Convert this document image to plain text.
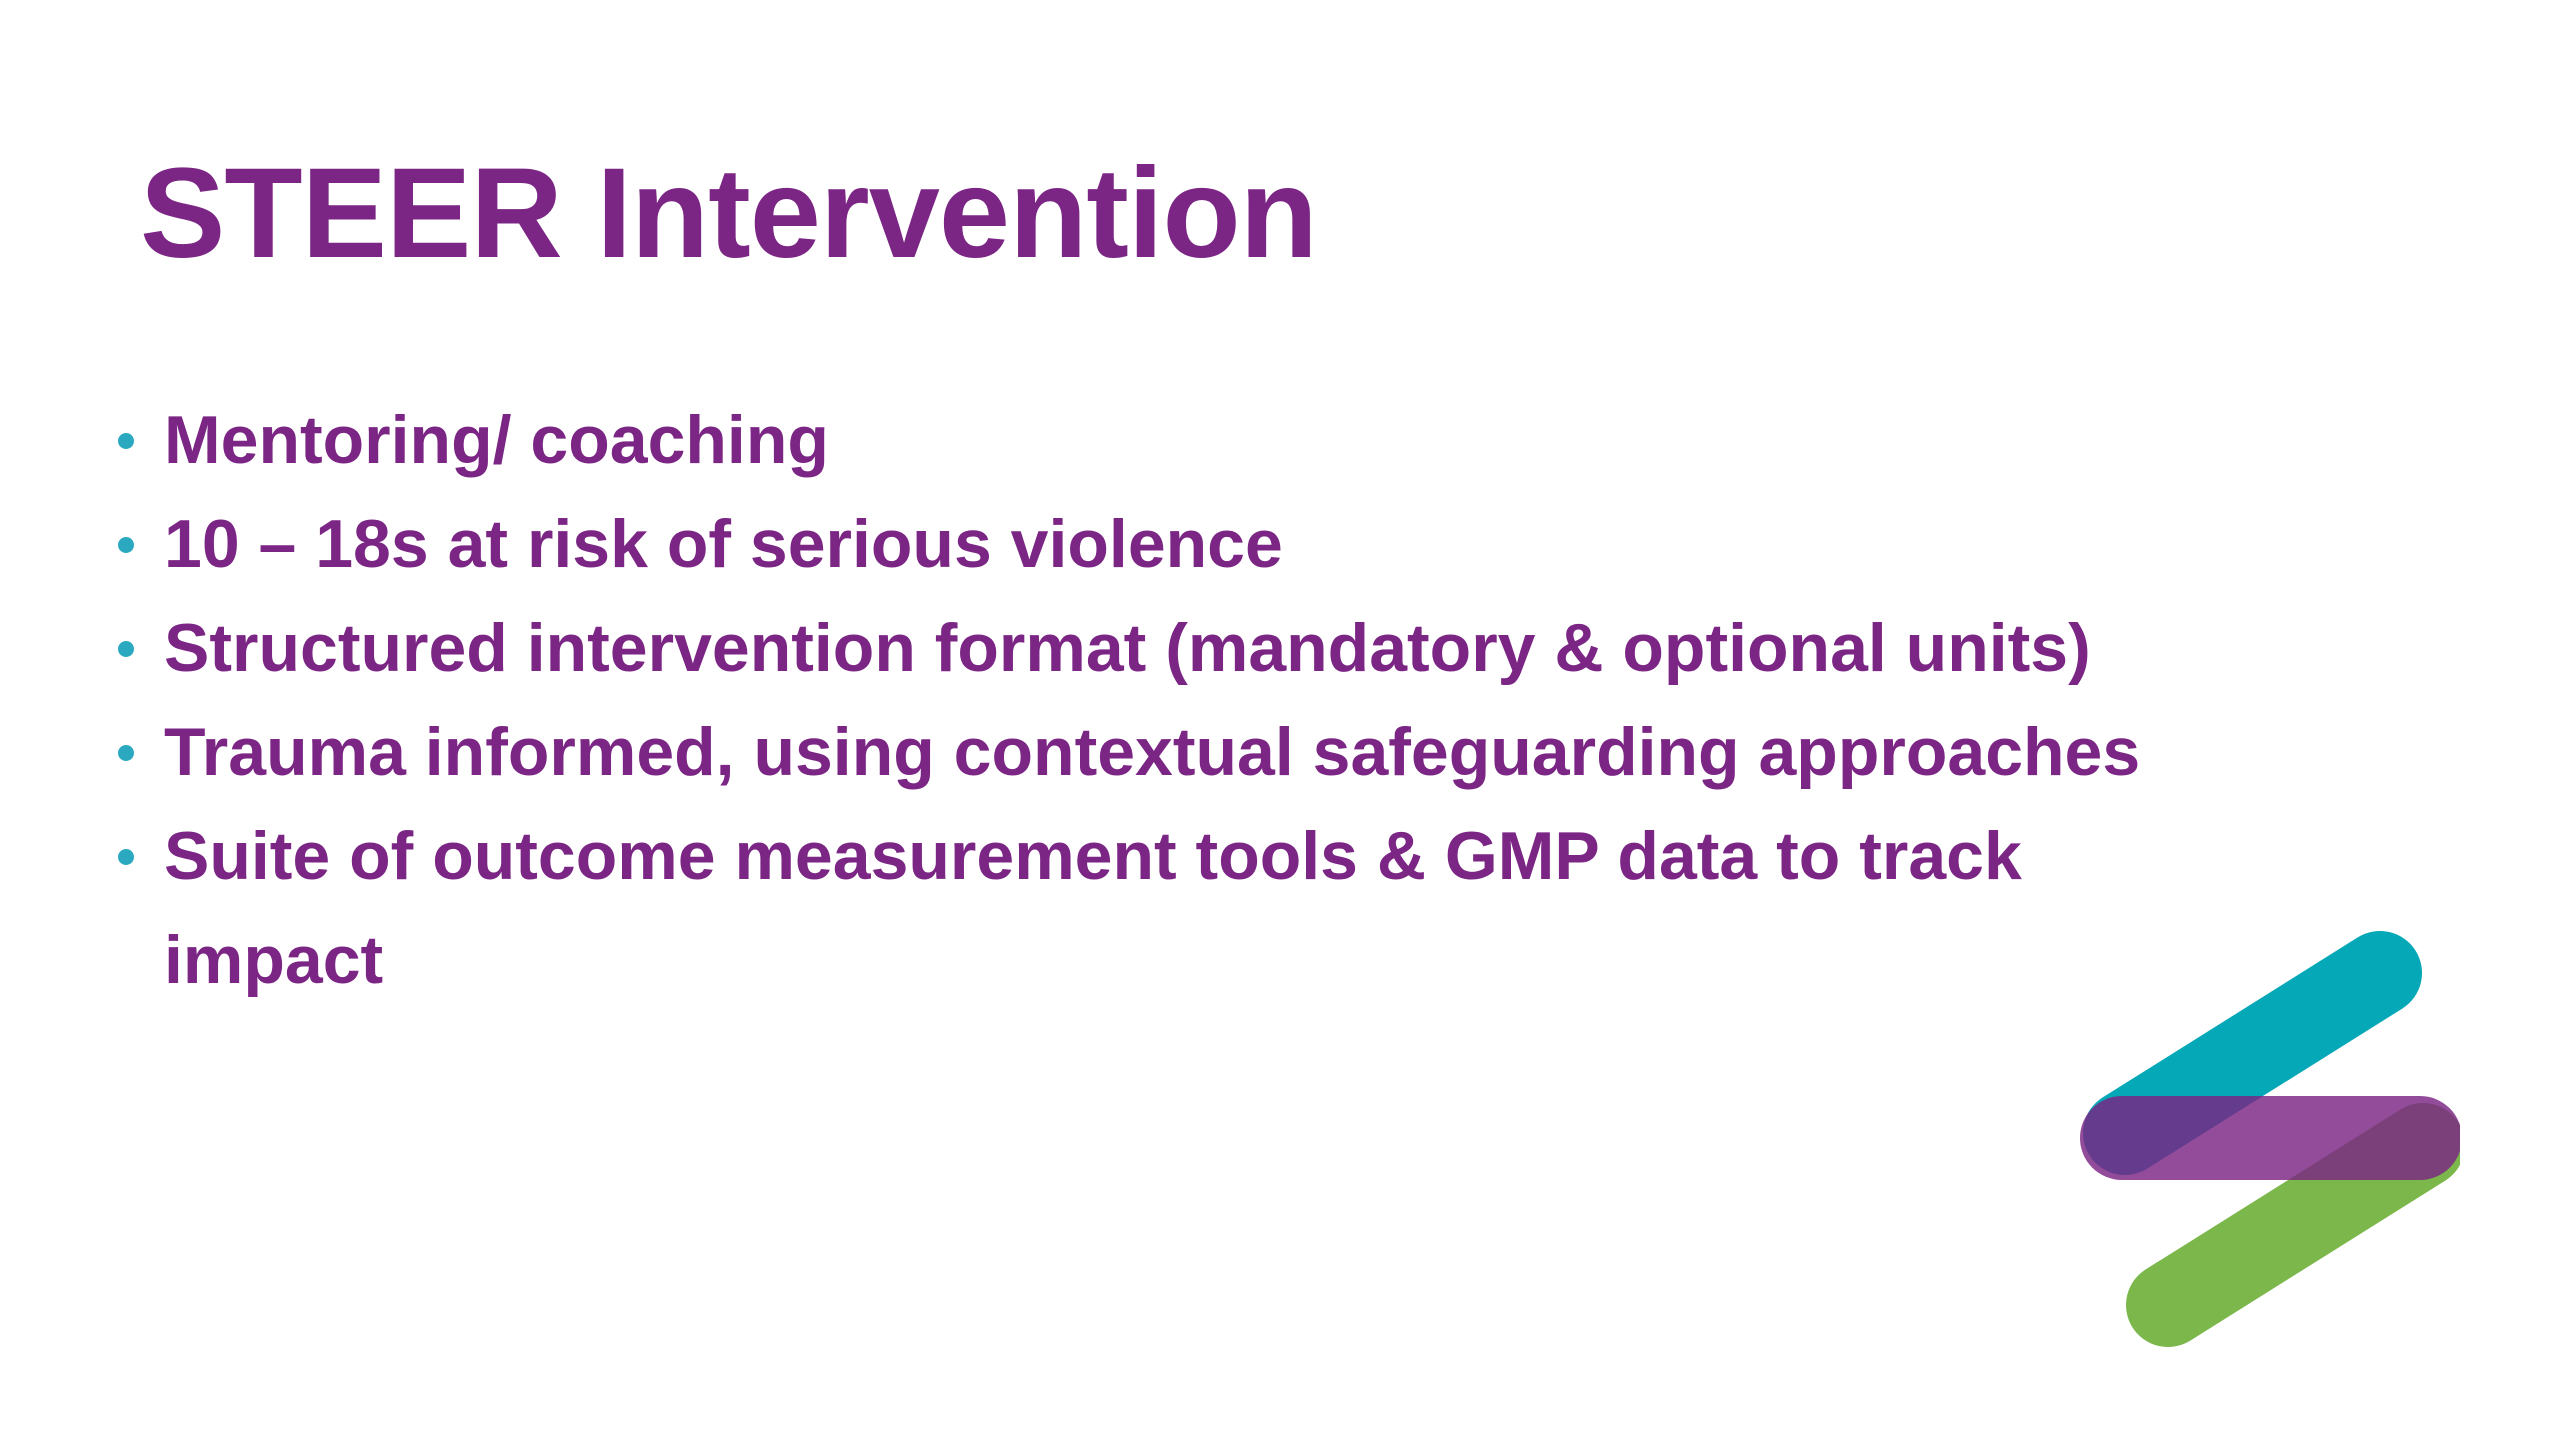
STEER Intervention
Mentoring/ coaching
10 – 18s at risk of serious violence
Structured intervention format (mandatory & optional units)
Trauma informed, using contextual safeguarding approaches
Suite of outcome measurement tools & GMP data to track impact
